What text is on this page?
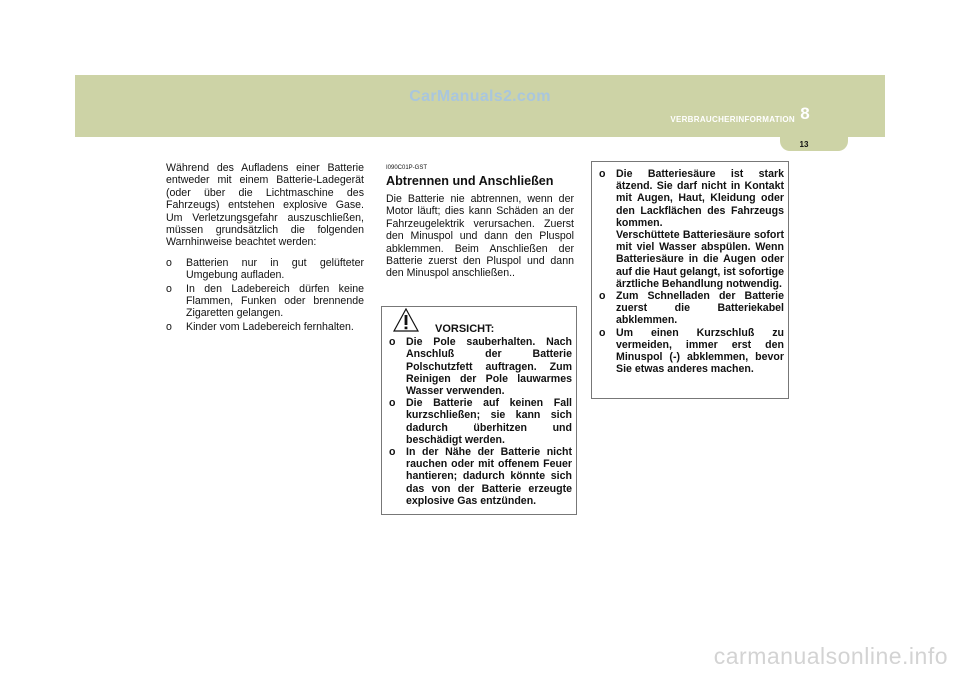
CarManuals2.com
VERBRAUCHERINFORMATION 8
13

Während des Aufladens einer Batterie entweder mit einem Batterie-Ladegerät (oder über die Lichtmaschine des Fahrzeugs) entstehen explosive Gase. Um Verletzungsgefahr auszuschließen, müssen grundsätzlich die folgenden Warnhinweise beachtet werden:

o Batterien nur in gut gelüfteter Umgebung aufladen.
o In den Ladebereich dürfen keine Flammen, Funken oder brennende Zigaretten gelangen.
o Kinder vom Ladebereich fernhalten.

I090C01P-GST

Abtrennen und Anschließen

Die Batterie nie abtrennen, wenn der Motor läuft; dies kann Schäden an der Fahrzeugelektrik verursachen. Zuerst den Minuspol und dann den Pluspol abklemmen. Beim Anschließen der Batterie zuerst den Pluspol und dann den Minuspol anschließen..

VORSICHT:

o Die Pole sauberhalten. Nach Anschluß der Batterie Polschutzfett auftragen. Zum Reinigen der Pole lauwarmes Wasser verwenden.
o Die Batterie auf keinen Fall kurzschließen; sie kann sich dadurch überhitzen und beschädigt werden.
o In der Nähe der Batterie nicht rauchen oder mit offenem Feuer hantieren; dadurch könnte sich das von der Batterie erzeugte explosive Gas entzünden.
o Die Batteriesäure ist stark ätzend. Sie darf nicht in Kontakt mit Augen, Haut, Kleidung oder den Lackflächen des Fahrzeugs kommen.
Verschüttete Batteriesäure sofort mit viel Wasser abspülen. Wenn Batteriesäure in die Augen oder auf die Haut gelangt, ist sofortige ärztliche Behandlung notwendig.
o Zum Schnelladen der Batterie zuerst die Batteriekabel abklemmen.
o Um einen Kurzschluß zu vermeiden, immer erst den Minuspol (-) abklemmen, bevor Sie etwas anderes machen.
carmanualsonline.info
